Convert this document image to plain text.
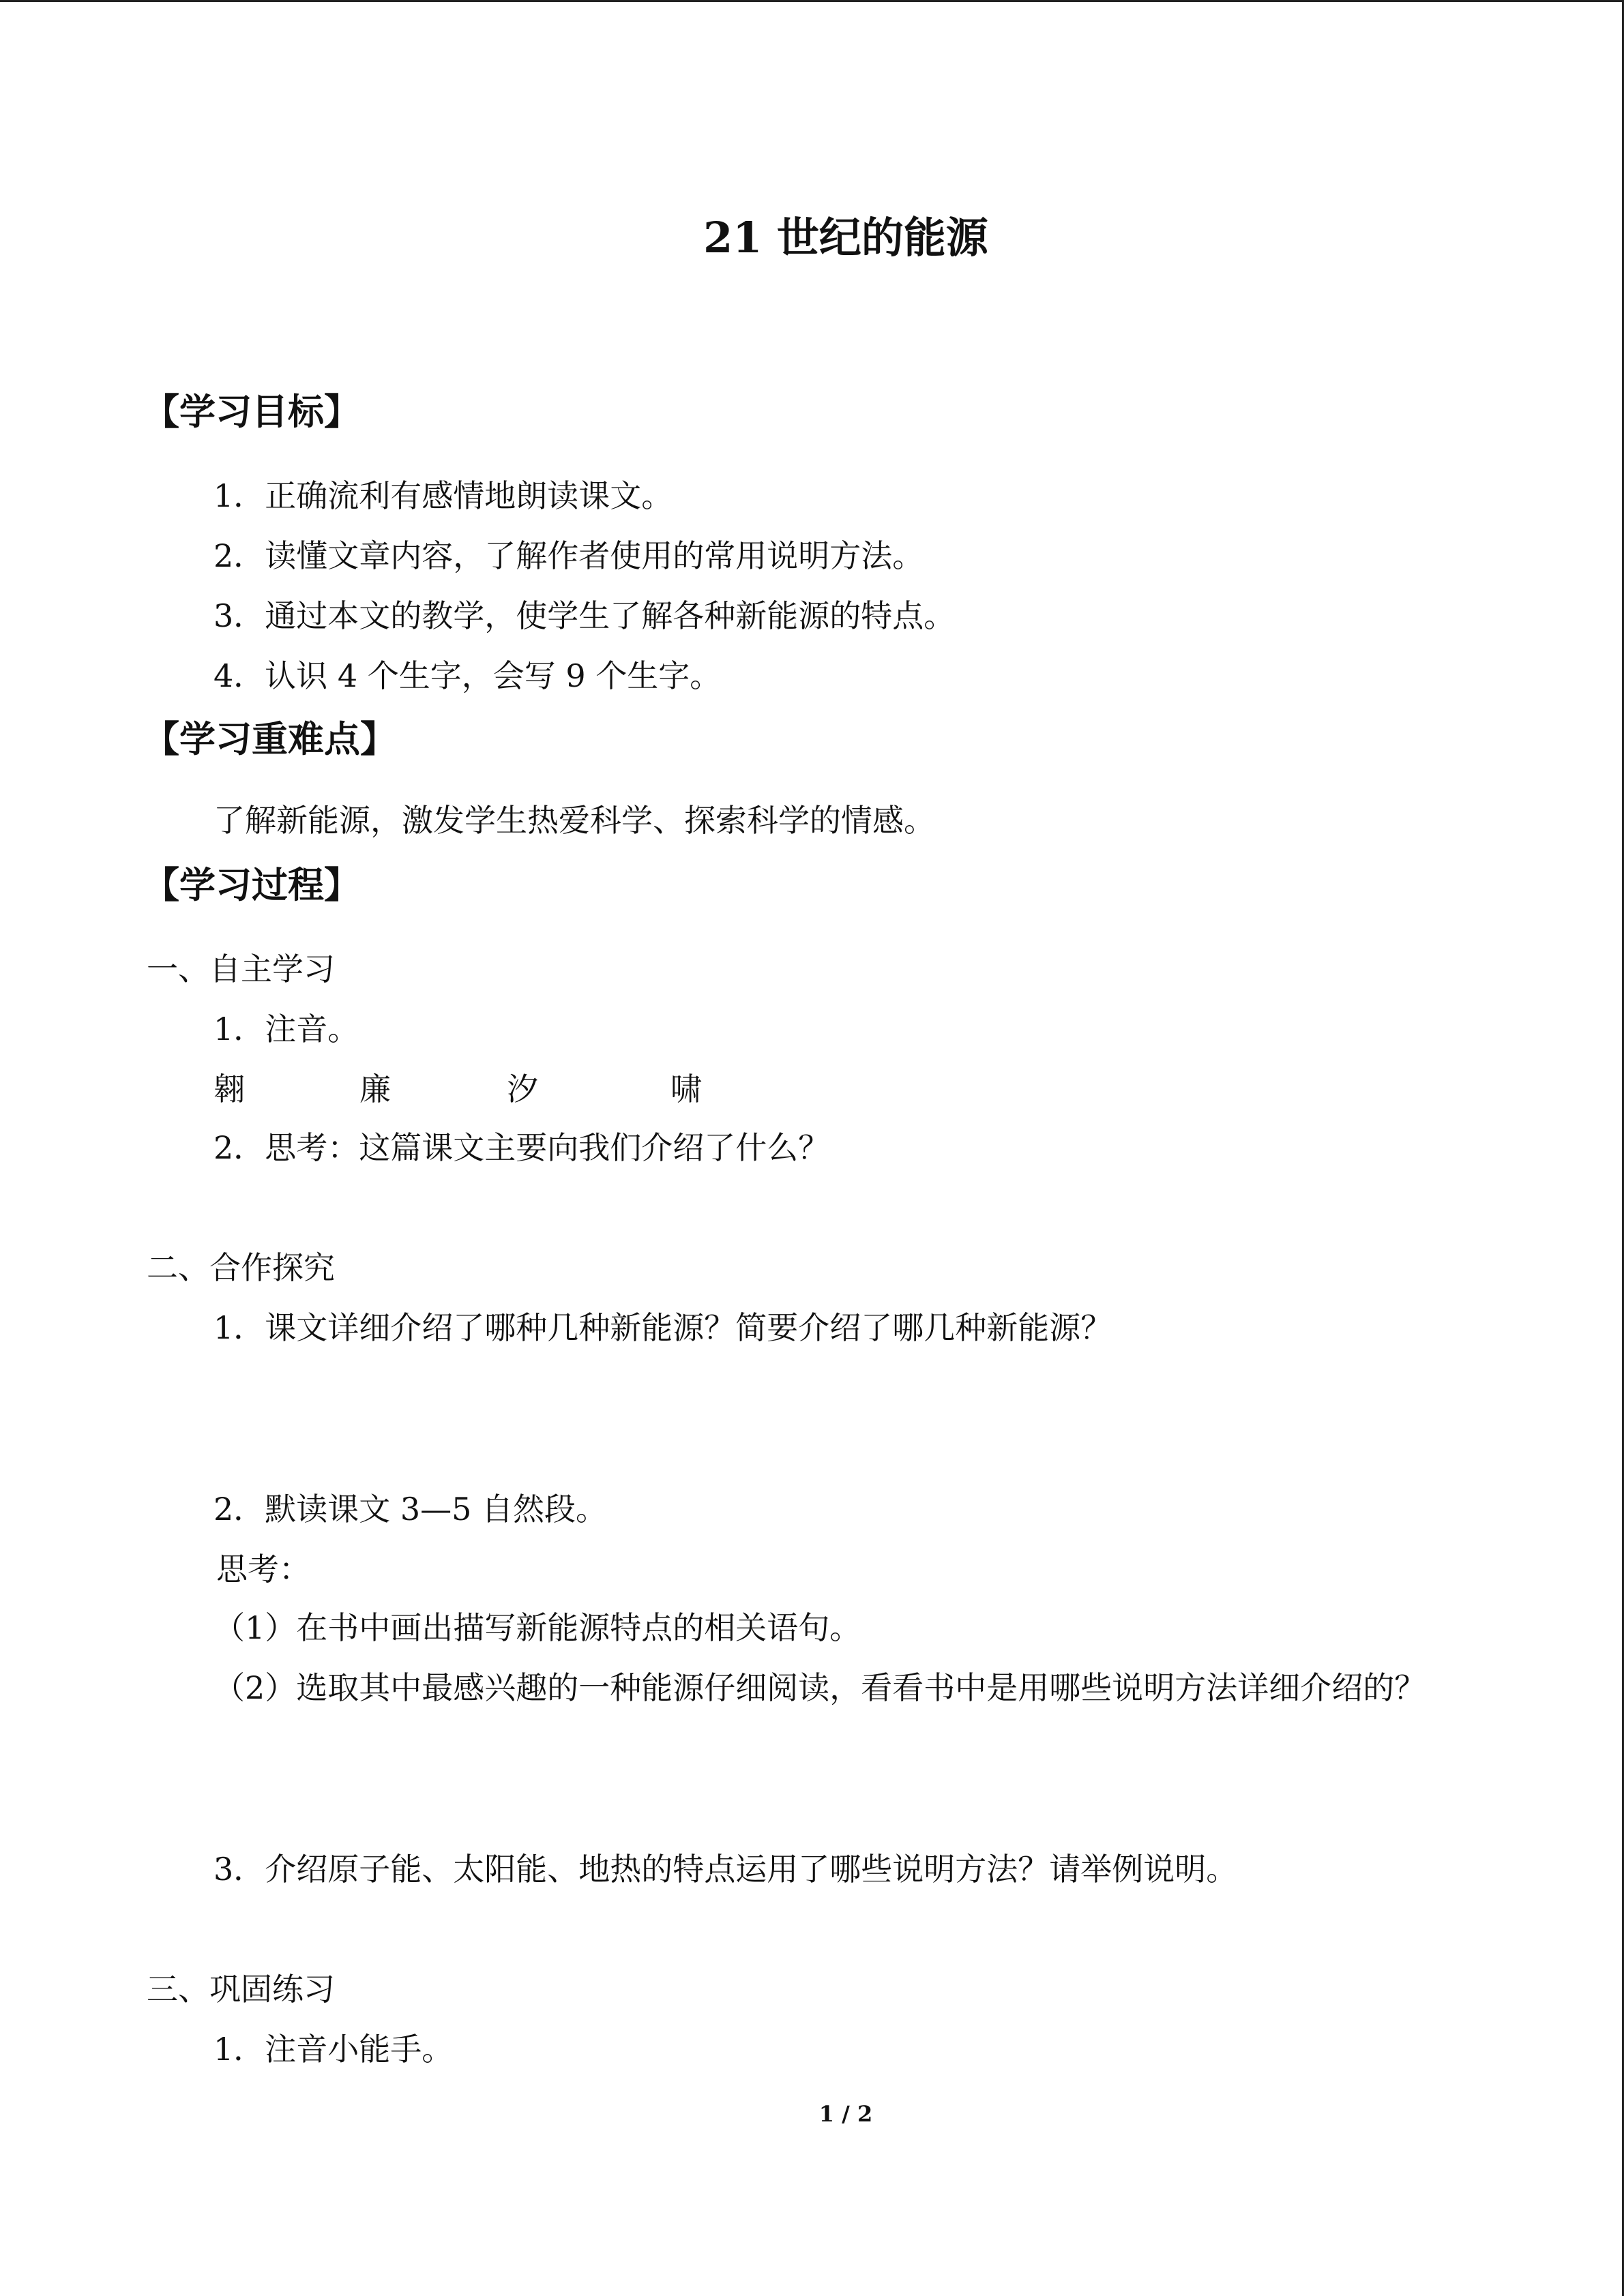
21 世纪的能源
【学习目标】
1．正确流利有感情地朗读课文。
2．读懂文章内容，了解作者使用的常用说明方法。
3．通过本文的教学，使学生了解各种新能源的特点。
4．认识 4 个生字，会写 9 个生字。
【学习重难点】
了解新能源，激发学生热爱科学、探索科学的情感。
【学习过程】
一、自主学习
1．注音。
翱	廉	汐	啸
2．思考：这篇课文主要向我们介绍了什么？
二、合作探究
1．课文详细介绍了哪种几种新能源？简要介绍了哪几种新能源？
2．默读课文 3—5 自然段。
思考：
（1）在书中画出描写新能源特点的相关语句。
（2）选取其中最感兴趣的一种能源仔细阅读，看看书中是用哪些说明方法详细介绍的？
3．介绍原子能、太阳能、地热的特点运用了哪些说明方法？请举例说明。
三、巩固练习
1．注音小能手。
1 / 2
